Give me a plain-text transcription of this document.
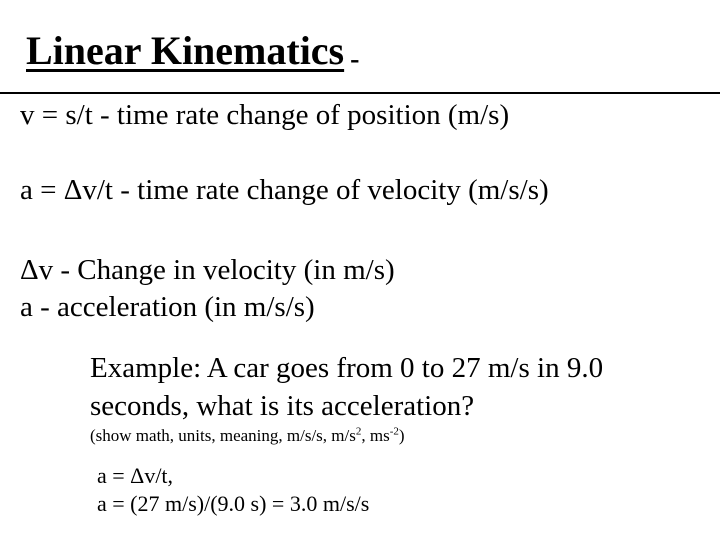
Linear Kinematics -
v = s/t - time rate change of position (m/s)
a = Δv/t - time rate change of velocity (m/s/s)
Δv - Change in velocity (in m/s)
a - acceleration (in m/s/s)
Example: A car goes from 0 to 27 m/s in 9.0
seconds, what is its acceleration?
(show math, units, meaning, m/s/s, $m/s^2$, $ms^{-2}$)
a = Δv/t,
a = (27 m/s)/(9.0 s) = 3.0 m/s/s
